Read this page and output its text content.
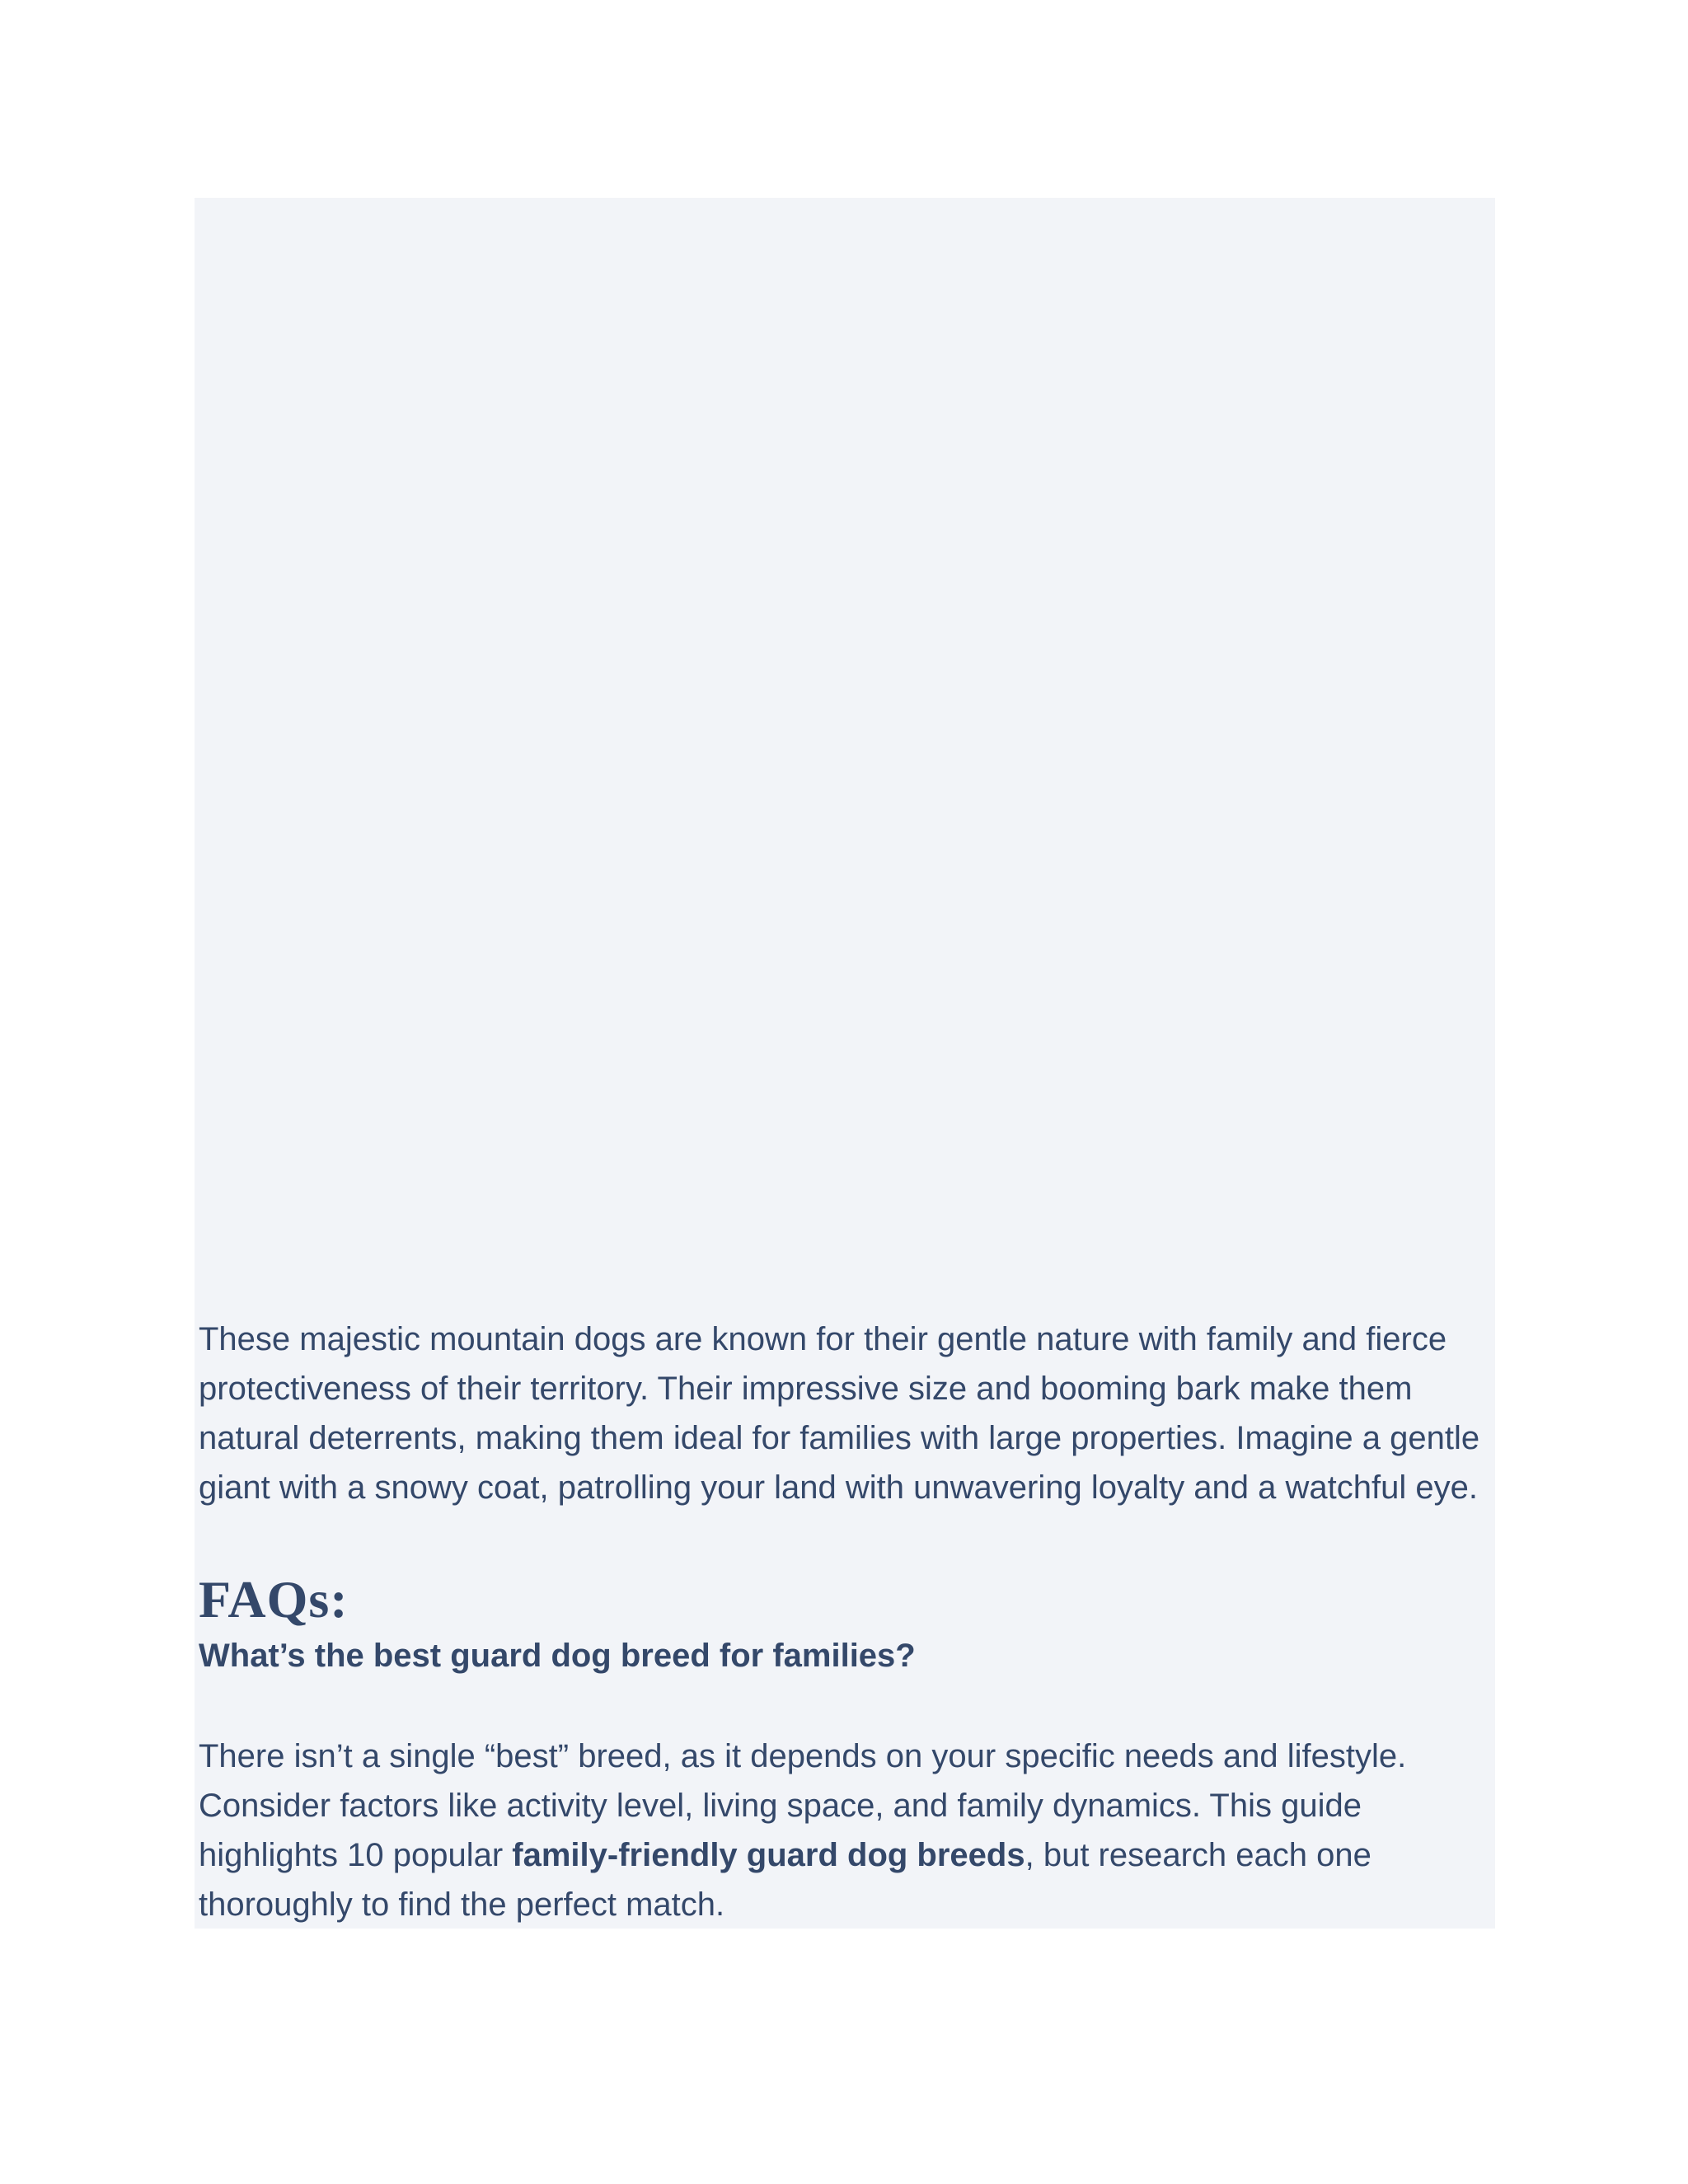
These majestic mountain dogs are known for their gentle nature with family and fierce
protectiveness of their territory. Their impressive size and booming bark make them
natural deterrents, making them ideal for families with large properties. Imagine a gentle
giant with a snowy coat, patrolling your land with unwavering loyalty and a watchful eye.

FAQs:
What’s the best guard dog breed for families?

There isn’t a single “best” breed, as it depends on your specific needs and lifestyle.
Consider factors like activity level, living space, and family dynamics. This guide
highlights 10 popular family-friendly guard dog breeds, but research each one
thoroughly to find the perfect match.
